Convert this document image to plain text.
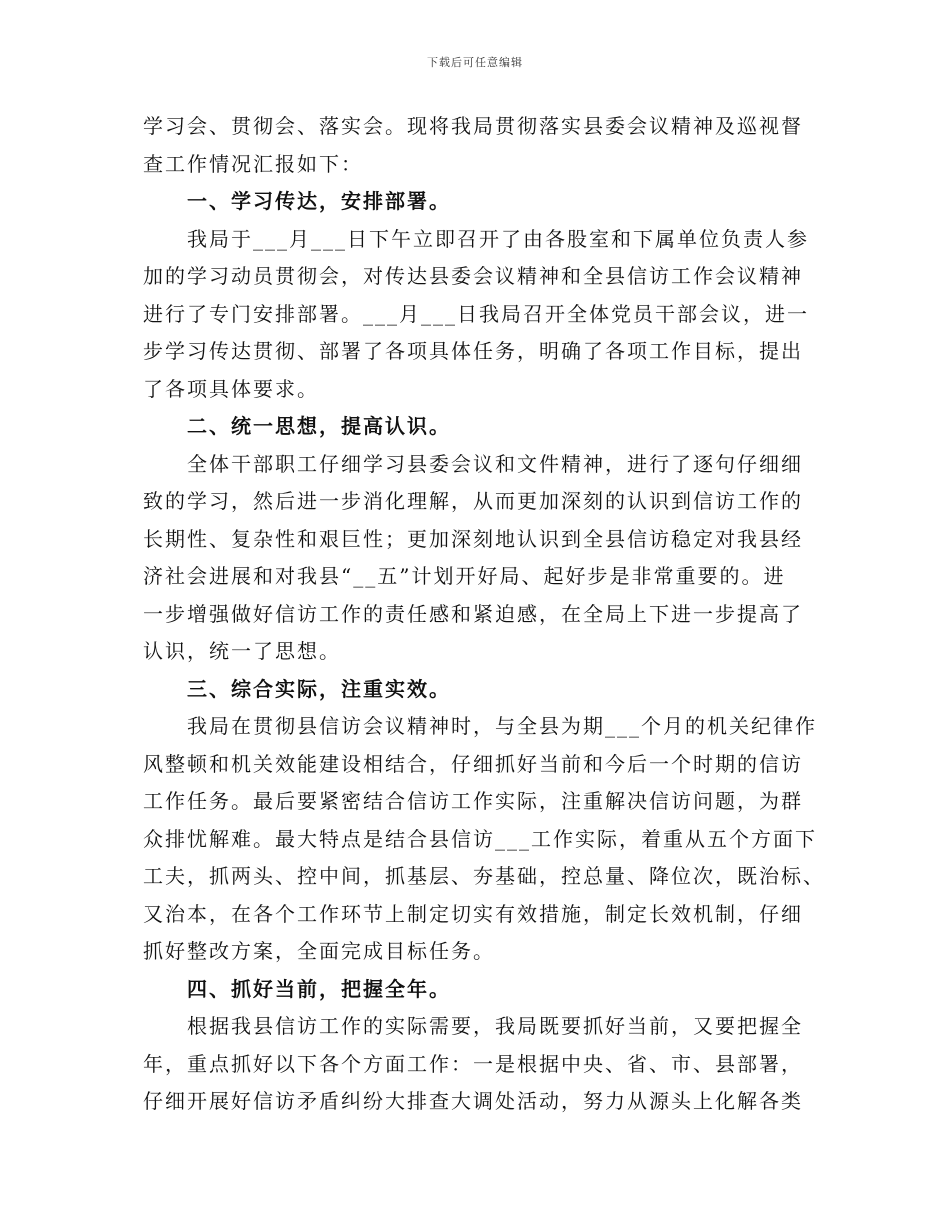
下载后可任意编辑
学习会、贯彻会、落实会。现将我局贯彻落实县委会议精神及巡视督
查工作情况汇报如下：
一、学习传达，安排部署。
我局于___月___日下午立即召开了由各股室和下属单位负责人参
加的学习动员贯彻会，对传达县委会议精神和全县信访工作会议精神
进行了专门安排部署。___月___日我局召开全体党员干部会议，进一
步学习传达贯彻、部署了各项具体任务，明确了各项工作目标，提出
了各项具体要求。
二、统一思想，提高认识。
全体干部职工仔细学习县委会议和文件精神，进行了逐句仔细细
致的学习，然后进一步消化理解，从而更加深刻的认识到信访工作的
长期性、复杂性和艰巨性；更加深刻地认识到全县信访稳定对我县经
济社会进展和对我县“__五”计划开好局、起好步是非常重要的。进
一步增强做好信访工作的责任感和紧迫感，在全局上下进一步提高了
认识，统一了思想。
三、综合实际，注重实效。
我局在贯彻县信访会议精神时，与全县为期___个月的机关纪律作
风整顿和机关效能建设相结合，仔细抓好当前和今后一个时期的信访
工作任务。最后要紧密结合信访工作实际，注重解决信访问题，为群
众排忧解难。最大特点是结合县信访___工作实际，着重从五个方面下
工夫，抓两头、控中间，抓基层、夯基础，控总量、降位次，既治标、
又治本，在各个工作环节上制定切实有效措施，制定长效机制，仔细
抓好整改方案，全面完成目标任务。
四、抓好当前，把握全年。
根据我县信访工作的实际需要，我局既要抓好当前，又要把握全
年，重点抓好以下各个方面工作：一是根据中央、省、市、县部署，
仔细开展好信访矛盾纠纷大排查大调处活动，努力从源头上化解各类
